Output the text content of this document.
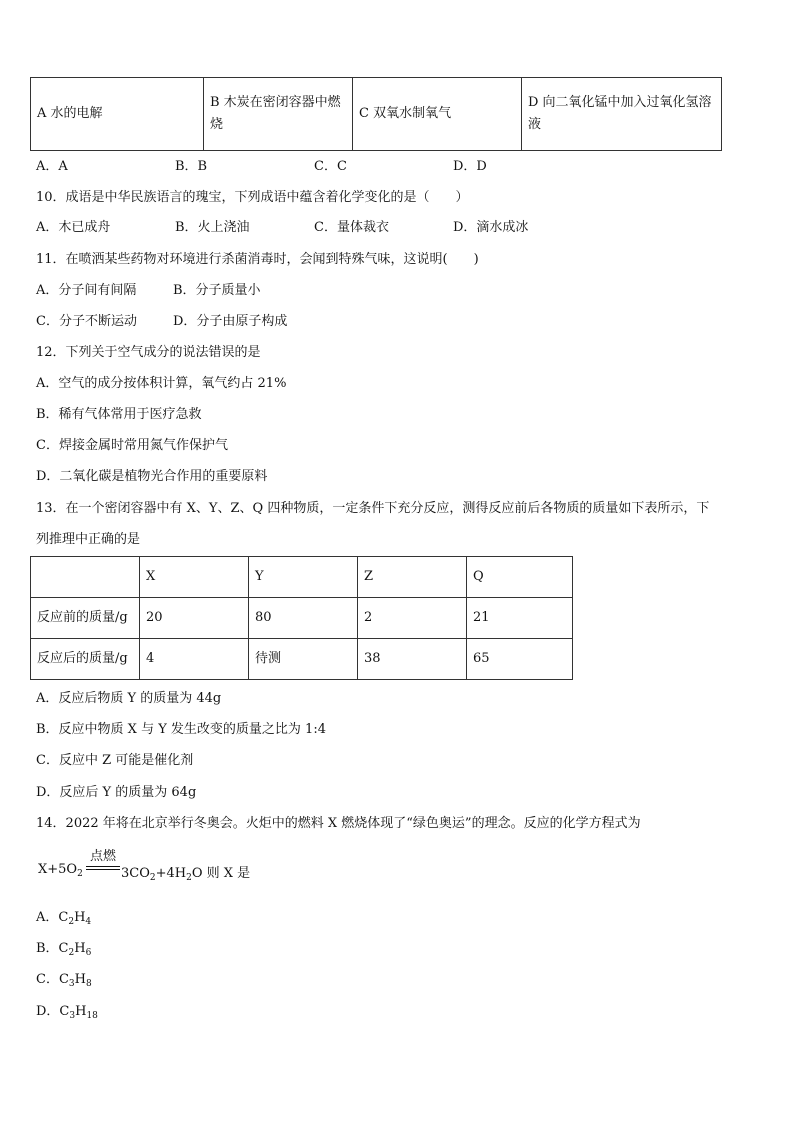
A 水的电解	B 木炭在密闭容器中燃烧	C 双氧水制氧气	D 向二氧化锰中加入过氧化氢溶液
A．A	B．B	C．C	D．D
10．成语是中华民族语言的瑰宝，下列成语中蕴含着化学变化的是（　　）
A．木已成舟	B．火上浇油	C．量体裁衣	D．滴水成冰
11．在喷洒某些药物对环境进行杀菌消毒时，会闻到特殊气味，这说明(　　)
A．分子间有间隔	B．分子质量小
C．分子不断运动	D．分子由原子构成
12．下列关于空气成分的说法错误的是
A．空气的成分按体积计算，氧气约占 21%
B．稀有气体常用于医疗急救
C．焊接金属时常用氮气作保护气
D．二氧化碳是植物光合作用的重要原料
13．在一个密闭容器中有 X、Y、Z、Q 四种物质，一定条件下充分反应，测得反应前后各物质的质量如下表所示，下
列推理中正确的是
	X	Y	Z	Q
反应前的质量/g	20	80	2	21
反应后的质量/g	4	待测	38	65
A．反应后物质 Y 的质量为 44g
B．反应中物质 X 与 Y 发生改变的质量之比为 1:4
C．反应中 Z 可能是催化剂
D．反应后 Y 的质量为 64g
14．2022 年将在北京举行冬奥会。火炬中的燃料 X 燃烧体现了“绿色奥运”的理念。反应的化学方程式为
$X+5O_2$
点燃
$3CO_2+4H_2O$ 则 X 是
A．$C_2H_4$
B．$C_2H_6$
C．$C_3H_8$
D．$C_3H_{18}$
